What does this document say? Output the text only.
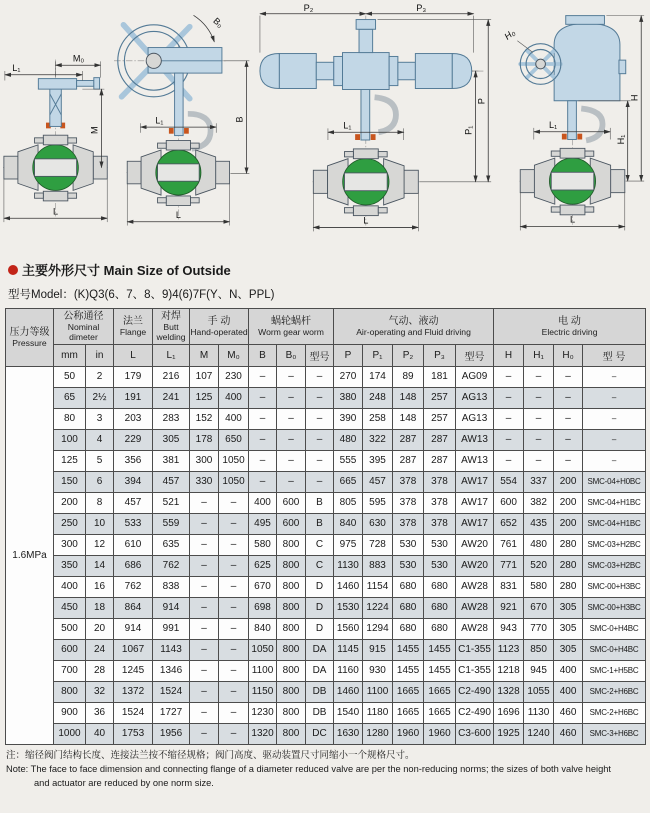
M₀
L₁
M
L
B₀
L₁	B
L
P₂	P₃
P
P₁
L₁
L
H₀
H
H₁
L₁
L
主要外形尺寸 Main Size of Outside
型号Model：(K)Q3(6、7、8、9)4(6)7F(Y、N、PPL)
压力等级
Pressure

公称通径
Nominal dimeter

法兰
Flange

对焊
Butt welding

手 动
Hand-operated

蜗轮蜗杆
Worm gear worm

气动、液动
Air-operating and Fluid driving

电 动
Electric driving

	mm	in	L	L₁	M	M₀	B	B₀	型号	P	P₁	P₂	P₃	型号	H	H₁	H₀	型 号
1.6MPa	50	2	179	216	107	230	–	–	–	270	174	89	181	AG09	–	–	–	–
	65	2½	191	241	125	400	–	–	–	380	248	148	257	AG13	–	–	–	–
	80	3	203	283	152	400	–	–	–	390	258	148	257	AG13	–	–	–	–
	100	4	229	305	178	650	–	–	–	480	322	287	287	AW13	–	–	–	–
	125	5	356	381	300	1050	–	–	–	555	395	287	287	AW13	–	–	–	–
	150	6	394	457	330	1050	–	–	–	665	457	378	378	AW17	554	337	200	SMC-04+H0BC
	200	8	457	521	–	–	400	600	B	805	595	378	378	AW17	600	382	200	SMC-04+H1BC
	250	10	533	559	–	–	495	600	B	840	630	378	378	AW17	652	435	200	SMC-04+H1BC
	300	12	610	635	–	–	580	800	C	975	728	530	530	AW20	761	480	280	SMC-03+H2BC
	350	14	686	762	–	–	625	800	C	1130	883	530	530	AW20	771	520	280	SMC-03+H2BC
	400	16	762	838	–	–	670	800	D	1460	1154	680	680	AW28	831	580	280	SMC-00+H3BC
	450	18	864	914	–	–	698	800	D	1530	1224	680	680	AW28	921	670	305	SMC-00+H3BC
	500	20	914	991	–	–	840	800	D	1560	1294	680	680	AW28	943	770	305	SMC-0+H4BC
	600	24	1067	1143	–	–	1050	800	DA	1145	915	1455	1455	C1-355	1123	850	305	SMC-0+H4BC
	700	28	1245	1346	–	–	1100	800	DA	1160	930	1455	1455	C1-355	1218	945	400	SMC-1+H5BC
	800	32	1372	1524	–	–	1150	800	DB	1460	1100	1665	1665	C2-490	1328	1055	400	SMC-2+H6BC
	900	36	1524	1727	–	–	1230	800	DB	1540	1180	1665	1665	C2-490	1696	1130	460	SMC-2+H6BC
	1000	40	1753	1956	–	–	1320	800	DC	1630	1280	1960	1960	C3-600	1925	1240	460	SMC-3+H6BC
注：缩径阀门结构长度、连接法兰按不缩径规格；阀门高度、驱动装置尺寸同缩小一个规格尺寸。
Note: The face to face dimension and connecting flange of a diameter reduced valve are per the non-reducing norms; the sizes of both valve height
and actuator are reduced by one norm size.
